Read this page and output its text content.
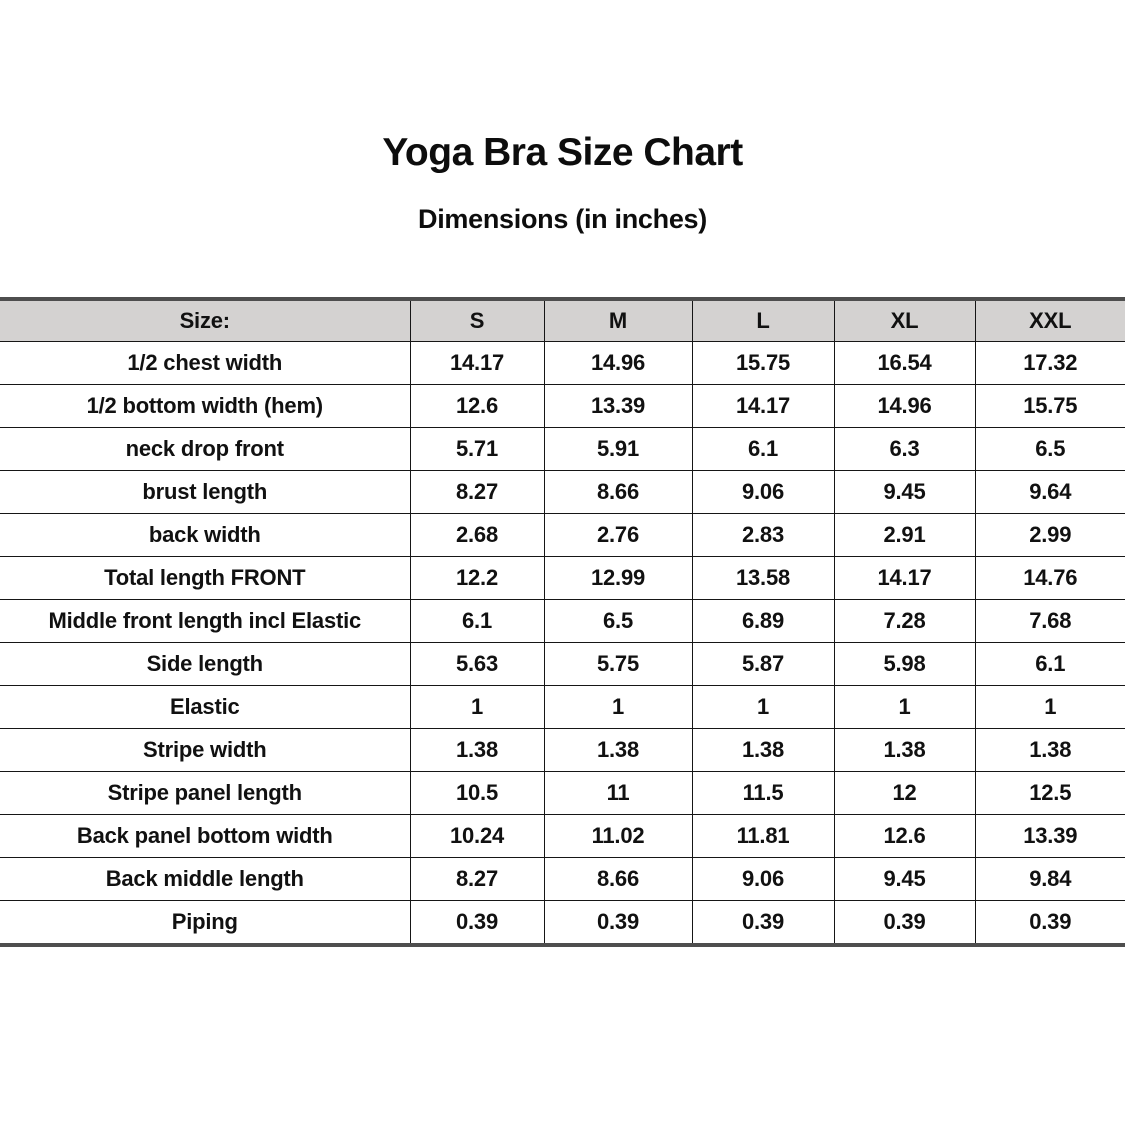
Yoga Bra Size Chart
Dimensions (in inches)
Size:	S	M	L	XL	XXL
1/2 chest width	14.17	14.96	15.75	16.54	17.32
1/2 bottom width (hem)	12.6	13.39	14.17	14.96	15.75
neck drop front	5.71	5.91	6.1	6.3	6.5
brust length	8.27	8.66	9.06	9.45	9.64
back width	2.68	2.76	2.83	2.91	2.99
Total length FRONT	12.2	12.99	13.58	14.17	14.76
Middle front length incl Elastic	6.1	6.5	6.89	7.28	7.68
Side length	5.63	5.75	5.87	5.98	6.1
Elastic	1	1	1	1	1
Stripe width	1.38	1.38	1.38	1.38	1.38
Stripe panel length	10.5	11	11.5	12	12.5
Back panel bottom width	10.24	11.02	11.81	12.6	13.39
Back middle length	8.27	8.66	9.06	9.45	9.84
Piping	0.39	0.39	0.39	0.39	0.39
